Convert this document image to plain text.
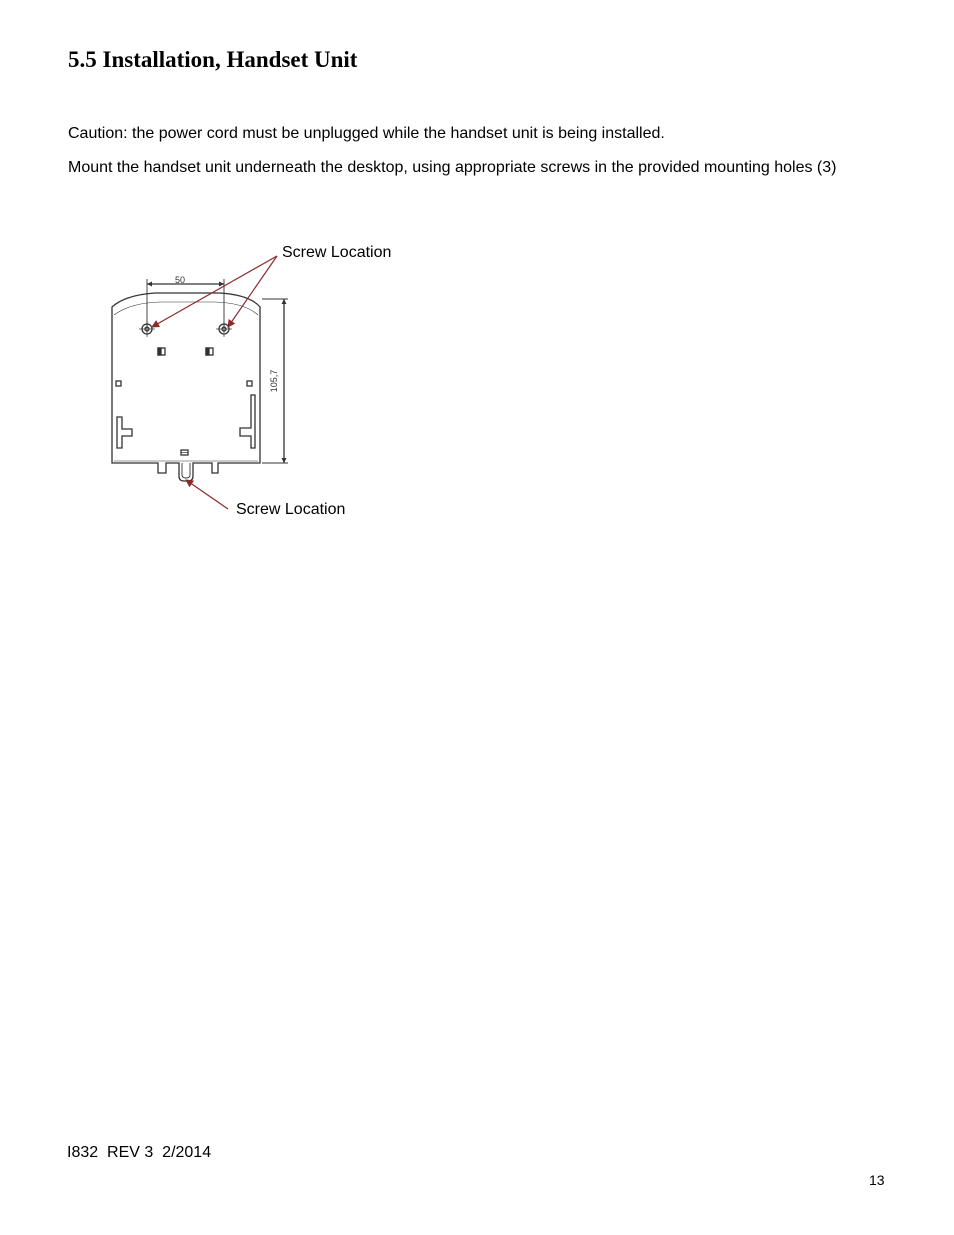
5.5 Installation, Handset Unit

Caution: the power cord must be unplugged while the handset unit is being installed.

Mount the handset unit underneath the desktop, using appropriate screws in the provided mounting holes (3)

50
105,7
Screw Location
Screw Location
I832  REV 3  2/2014
13
